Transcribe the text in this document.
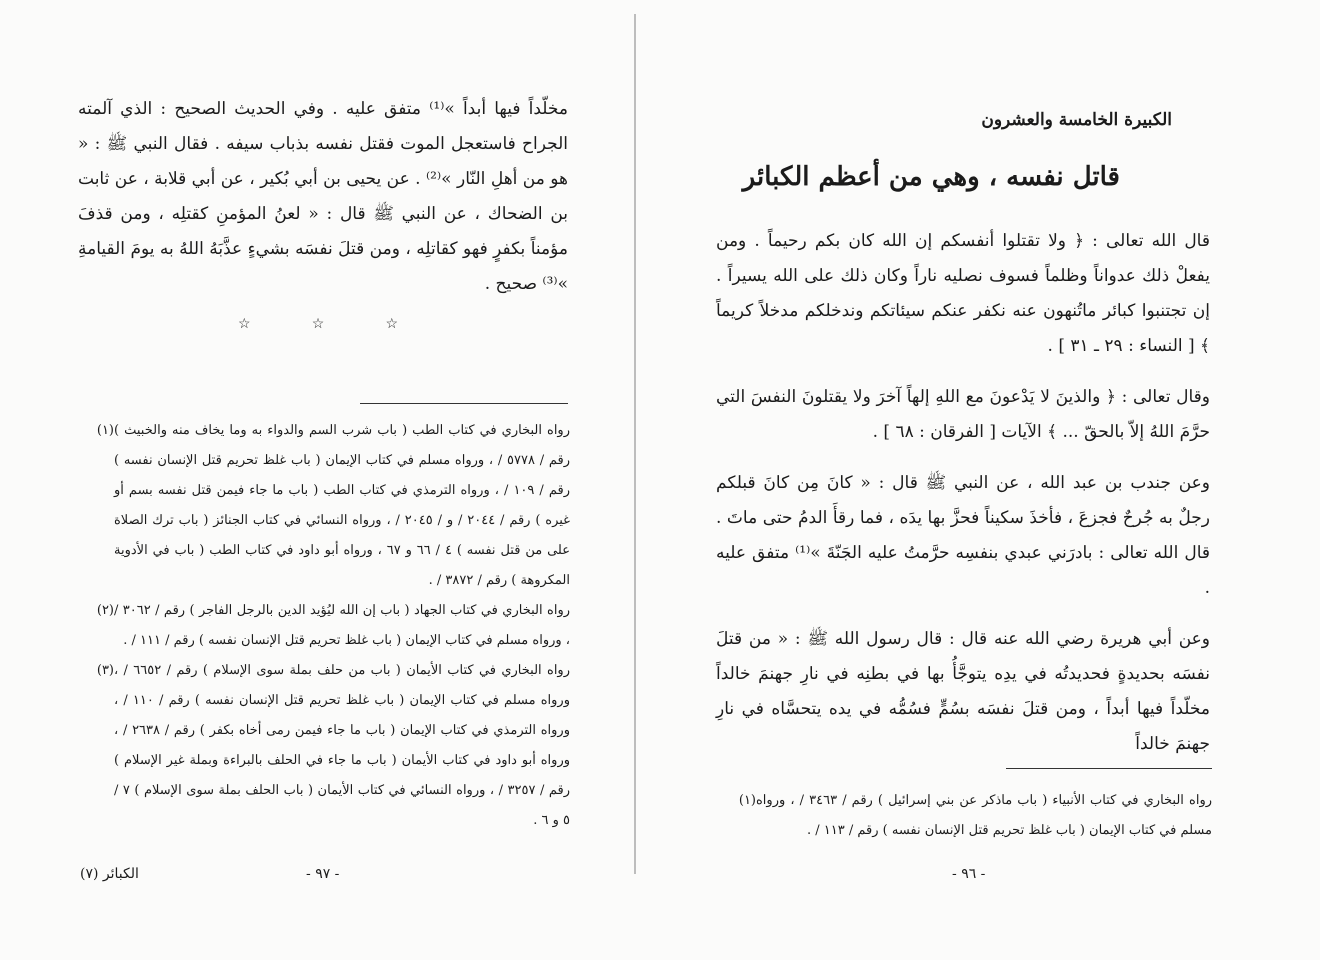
مخلّداً فيها أبداً »⁽¹⁾ متفق عليه . وفي الحديث الصحيح : الذي آلمته الجراح فاستعجل الموت فقتل نفسه بذباب سيفه . فقال النبي ﷺ : « هو من أهلِ النّار »⁽²⁾ . عن يحيى بن أبي بُكير ، عن أبي قلابة ، عن ثابت بن الضحاك ، عن النبي ﷺ قال : « لعنُ المؤمنِ كقتلِه ، ومن قذفَ مؤمناً بكفرٍ فهو كقاتلِه ، ومن قتلَ نفسَه بشيءٍ عذَّبَهُ اللهُ به يومَ القيامةِ »⁽³⁾ صحيح .

☆	☆	☆
(١) رواه البخاري في كتاب الطب ( باب شرب السم والدواء به وما يخاف منه والخبيث ) رقم / ٥٧٧٨ / ، ورواه مسلم في كتاب الإيمان ( باب غلظ تحريم قتل الإنسان نفسه ) رقم / ١٠٩ / ، ورواه الترمذي في كتاب الطب ( باب ما جاء فيمن قتل نفسه بسم أو غيره ) رقم / ٢٠٤٤ / و / ٢٠٤٥ / ، ورواه النسائي في كتاب الجنائز ( باب ترك الصلاة على من قتل نفسه ) ٤ / ٦٦ و ٦٧ ، ورواه أبو داود في كتاب الطب ( باب في الأدوية المكروهة ) رقم / ٣٨٧٢ / .
(٢) رواه البخاري في كتاب الجهاد ( باب إن الله ليُؤيد الدين بالرجل الفاجر ) رقم / ٣٠٦٢ / ، ورواه مسلم في كتاب الإيمان ( باب غلظ تحريم قتل الإنسان نفسه ) رقم / ١١١ / .
(٣) رواه البخاري في كتاب الأيمان ( باب من حلف بملة سوى الإسلام ) رقم / ٦٦٥٢ / ، ورواه مسلم في كتاب الإيمان ( باب غلظ تحريم قتل الإنسان نفسه ) رقم / ١١٠ / ، ورواه الترمذي في كتاب الإيمان ( باب ما جاء فيمن رمى أخاه بكفر ) رقم / ٢٦٣٨ / ، ورواه أبو داود في كتاب الأيمان ( باب ما جاء في الحلف بالبراءة وبملة غير الإسلام ) رقم / ٣٢٥٧ / ، ورواه النسائي في كتاب الأيمان ( باب الحلف بملة سوى الإسلام ) ٧ / ٥ و ٦ .
- ٩٧ -
الكبائر (٧)
الكبيرة الخامسة والعشرون
قاتل نفسه ، وهي من أعظم الكبائر

قال الله تعالى : ﴿ ولا تقتلوا أنفسكم إن الله كان بكم رحيماً . ومن يفعلْ ذلك عدواناً وظلماً فسوف نصليه ناراً وكان ذلك على الله يسيراً . إن تجتنبوا كبائر ماتُنهون عنه نكفر عنكم سيئاتكم وندخلكم مدخلاً كريماً ﴾ [ النساء : ٢٩ ـ ٣١ ] .

وقال تعالى : ﴿ والذينَ لا يَدْعونَ مع اللهِ إلهاً آخرَ ولا يقتلونَ النفسَ التي حرَّمَ اللهُ إلاّ بالحقّ ... ﴾ الآيات [ الفرقان : ٦٨ ] .

وعن جندب بن عبد الله ، عن النبي ﷺ قال : « كانَ مِن كانَ قبلكم رجلٌ به جُرحٌ فجزعَ ، فأخذَ سكيناً فحزَّ بها يدَه ، فما رقأَ الدمُ حتى ماتَ . قال الله تعالى : بادرَني عبدي بنفسِه حرَّمتُ عليه الجَنّةَ »⁽¹⁾ متفق عليه .

وعن أبي هريرة رضي الله عنه قال : قال رسول الله ﷺ : « من قتلَ نفسَه بحديدةٍ فحديدتُه في يدِه يتوجَّأُ بها في بطنِه في نارِ جهنمَ خالداً مخلّداً فيها أبداً ، ومن قتلَ نفسَه بسُمٍّ فسُمُّه في يده يتحسَّاه في نارِ جهنمَ خالداً

(١) رواه البخاري في كتاب الأنبياء ( باب ماذكر عن بني إسرائيل ) رقم / ٣٤٦٣ / ، ورواه مسلم في كتاب الإيمان ( باب غلظ تحريم قتل الإنسان نفسه ) رقم / ١١٣ / .
- ٩٦ -
